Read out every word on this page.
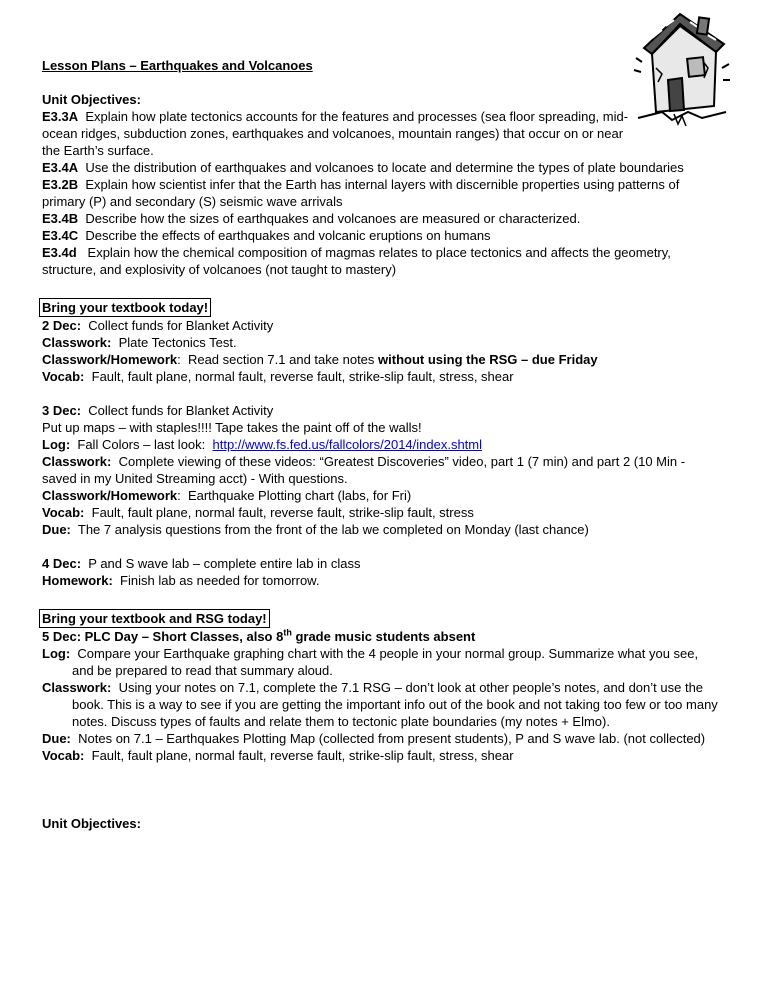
Lesson Plans – Earthquakes and Volcanoes

Unit Objectives:

E3.3A Explain how plate tectonics accounts for the features and processes (sea floor spreading, mid-ocean ridges, subduction zones, earthquakes and volcanoes, mountain ranges) that occur on or near the Earth’s surface.

E3.4A Use the distribution of earthquakes and volcanoes to locate and determine the types of plate boundaries

E3.2B Explain how scientist infer that the Earth has internal layers with discernible properties using patterns of primary (P) and secondary (S) seismic wave arrivals

E3.4B Describe how the sizes of earthquakes and volcanoes are measured or characterized.

E3.4C Describe the effects of earthquakes and volcanic eruptions on humans

E3.4d Explain how the chemical composition of magmas relates to place tectonics and affects the geometry, structure, and explosivity of volcanoes (not taught to mastery)

Bring your textbook today!

2 Dec: Collect funds for Blanket Activity

Classwork: Plate Tectonics Test.

Classwork/Homework:  Read section 7.1 and take notes without using the RSG – due Friday

Vocab: Fault, fault plane, normal fault, reverse fault, strike-slip fault, stress, shear

3 Dec: Collect funds for Blanket Activity

Put up maps – with staples!!!! Tape takes the paint off of the walls!

Log: Fall Colors – last look:  http://www.fs.fed.us/fallcolors/2014/index.shtml

Classwork: Complete viewing of these videos: “Greatest Discoveries” video, part 1 (7 min) and part 2 (10 Min - saved in my United Streaming acct) - With questions.

Classwork/Homework:  Earthquake Plotting chart (labs, for Fri)

Vocab: Fault, fault plane, normal fault, reverse fault, strike-slip fault, stress

Due: The 7 analysis questions from the front of the lab we completed on Monday (last chance)

4 Dec: P and S wave lab – complete entire lab in class

Homework: Finish lab as needed for tomorrow.

Bring your textbook and RSG today!

5 Dec: PLC Day – Short Classes, also 8th grade music students absent

Log: Compare your Earthquake graphing chart with the 4 people in your normal group. Summarize what you see, and be prepared to read that summary aloud.

Classwork: Using your notes on 7.1, complete the 7.1 RSG – don’t look at other people’s notes, and don’t use the book. This is a way to see if you are getting the important info out of the book and not taking too few or too many notes. Discuss types of faults and relate them to tectonic plate boundaries (my notes + Elmo).

Due: Notes on 7.1 – Earthquakes Plotting Map (collected from present students), P and S wave lab. (not collected)

Vocab: Fault, fault plane, normal fault, reverse fault, strike-slip fault, stress, shear

Unit Objectives:
